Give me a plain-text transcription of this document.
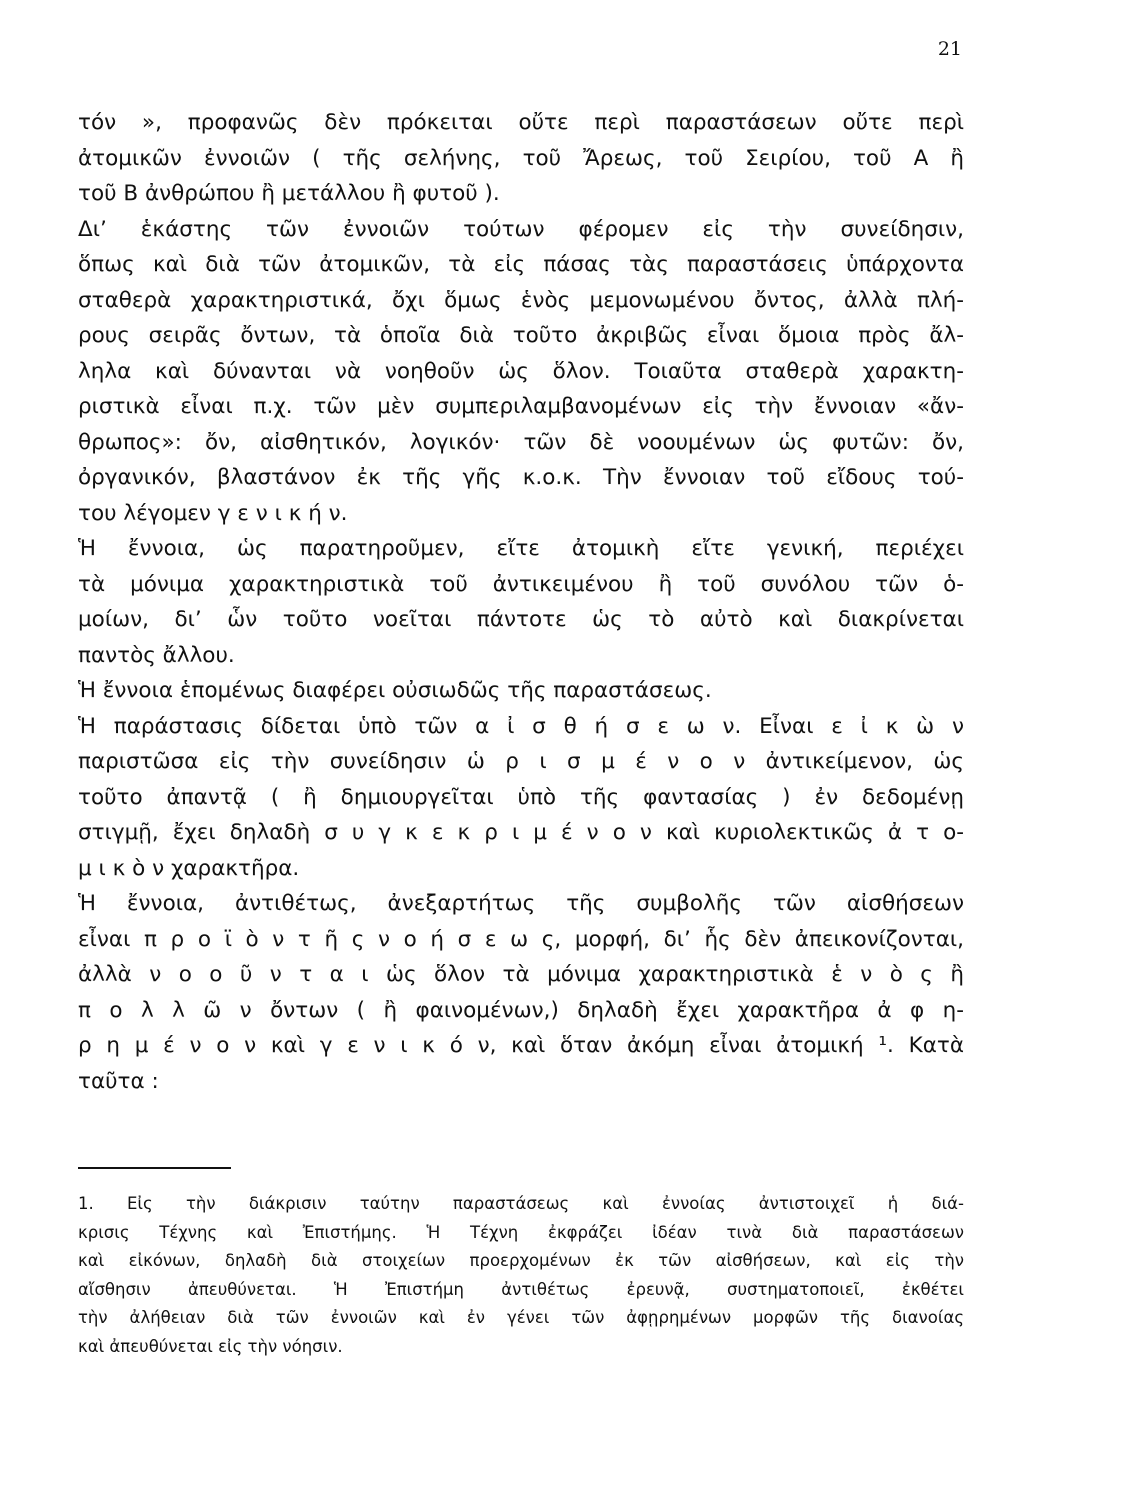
21
τόν », προφανῶς δὲν πρόκειται οὔτε περὶ παραστάσεων οὔτε περὶ
ἀτομικῶν ἐννοιῶν ( τῆς σελήνης, τοῦ Ἄρεως, τοῦ Σειρίου, τοῦ Α ἢ
τοῦ Β ἀνθρώπου ἢ μετάλλου ἢ φυτοῦ ).
Δι’ ἑκάστης τῶν ἐννοιῶν τούτων φέρομεν εἰς τὴν συνείδησιν,
ὅπως καὶ διὰ τῶν ἀτομικῶν, τὰ εἰς πάσας τὰς παραστάσεις ὑπάρχοντα
σταθερὰ χαρακτηριστικά, ὄχι ὅμως ἑνὸς μεμονωμένου ὄντος, ἀλλὰ πλή-
ρους σειρᾶς ὄντων, τὰ ὁποῖα διὰ τοῦτο ἀκριβῶς εἶναι ὅμοια πρὸς ἄλ-
ληλα καὶ δύνανται νὰ νοηθοῦν ὡς ὅλον. Τοιαῦτα σταθερὰ χαρακτη-
ριστικὰ εἶναι π.χ. τῶν μὲν συμπεριλαμβανομένων εἰς τὴν ἔννοιαν «ἄν-
θρωπος»: ὄν, αἰσθητικόν, λογικόν· τῶν δὲ νοουμένων ὡς φυτῶν: ὄν,
ὀργανικόν, βλαστάνον ἐκ τῆς γῆς κ.ο.κ. Τὴν ἔννοιαν τοῦ εἴδους τού-
του λέγομεν γ ε ν ι κ ή ν.
Ἡ ἔννοια, ὡς παρατηροῦμεν, εἴτε ἀτομικὴ εἴτε γενική, περιέχει
τὰ μόνιμα χαρακτηριστικὰ τοῦ ἀντικειμένου ἢ τοῦ συνόλου τῶν ὁ-
μοίων, δι’ ὧν τοῦτο νοεῖται πάντοτε ὡς τὸ αὐτὸ καὶ διακρίνεται
παντὸς ἄλλου.
Ἡ ἔννοια ἑπομένως διαφέρει οὐσιωδῶς τῆς παραστάσεως.
Ἡ παράστασις δίδεται ὑπὸ τῶν α ἰ σ θ ή σ ε ω ν. Εἶναι ε ἰ κ ὼ ν
παριστῶσα εἰς τὴν συνείδησιν ὡ ρ ι σ μ έ ν ο ν ἀντικείμενον, ὡς
τοῦτο ἀπαντᾷ ( ἢ δημιουργεῖται ὑπὸ τῆς φαντασίας ) ἐν δεδομένῃ
στιγμῇ, ἔχει δηλαδὴ σ υ γ κ ε κ ρ ι μ έ ν ο ν καὶ κυριολεκτικῶς ἀ τ ο-
μ ι κ ὸ ν χαρακτῆρα.
Ἡ ἔννοια, ἀντιθέτως, ἀνεξαρτήτως τῆς συμβολῆς τῶν αἰσθήσεων
εἶναι π ρ ο ϊ ὸ ν τ ῆ ς ν ο ή σ ε ω ς, μορφή, δι’ ἧς δὲν ἀπεικονίζονται,
ἀλλὰ ν ο ο ῦ ν τ α ι ὡς ὅλον τὰ μόνιμα χαρακτηριστικὰ ἑ ν ὸ ς ἢ
π ο λ λ ῶ ν ὄντων ( ἢ φαινομένων,) δηλαδὴ ἔχει χαρακτῆρα ἀ φ η-
ρ η μ έ ν ο ν καὶ γ ε ν ι κ ό ν, καὶ ὅταν ἀκόμη εἶναι ἀτομική ¹. Κατὰ
ταῦτα :
1. Εἰς τὴν διάκρισιν ταύτην παραστάσεως καὶ ἐννοίας ἀντιστοιχεῖ ἡ διά-
κρισις Τέχνης καὶ Ἐπιστήμης. Ἡ Τέχνη ἐκφράζει ἰδέαν τινὰ διὰ παραστάσεων
καὶ εἰκόνων, δηλαδὴ διὰ στοιχείων προερχομένων ἐκ τῶν αἰσθήσεων, καὶ εἰς τὴν
αἴσθησιν ἀπευθύνεται. Ἡ Ἐπιστήμη ἀντιθέτως ἐρευνᾷ, συστηματοποιεῖ, ἐκθέτει
τὴν ἀλήθειαν διὰ τῶν ἐννοιῶν καὶ ἐν γένει τῶν ἀφῃρημένων μορφῶν τῆς διανοίας
καὶ ἀπευθύνεται εἰς τὴν νόησιν.
